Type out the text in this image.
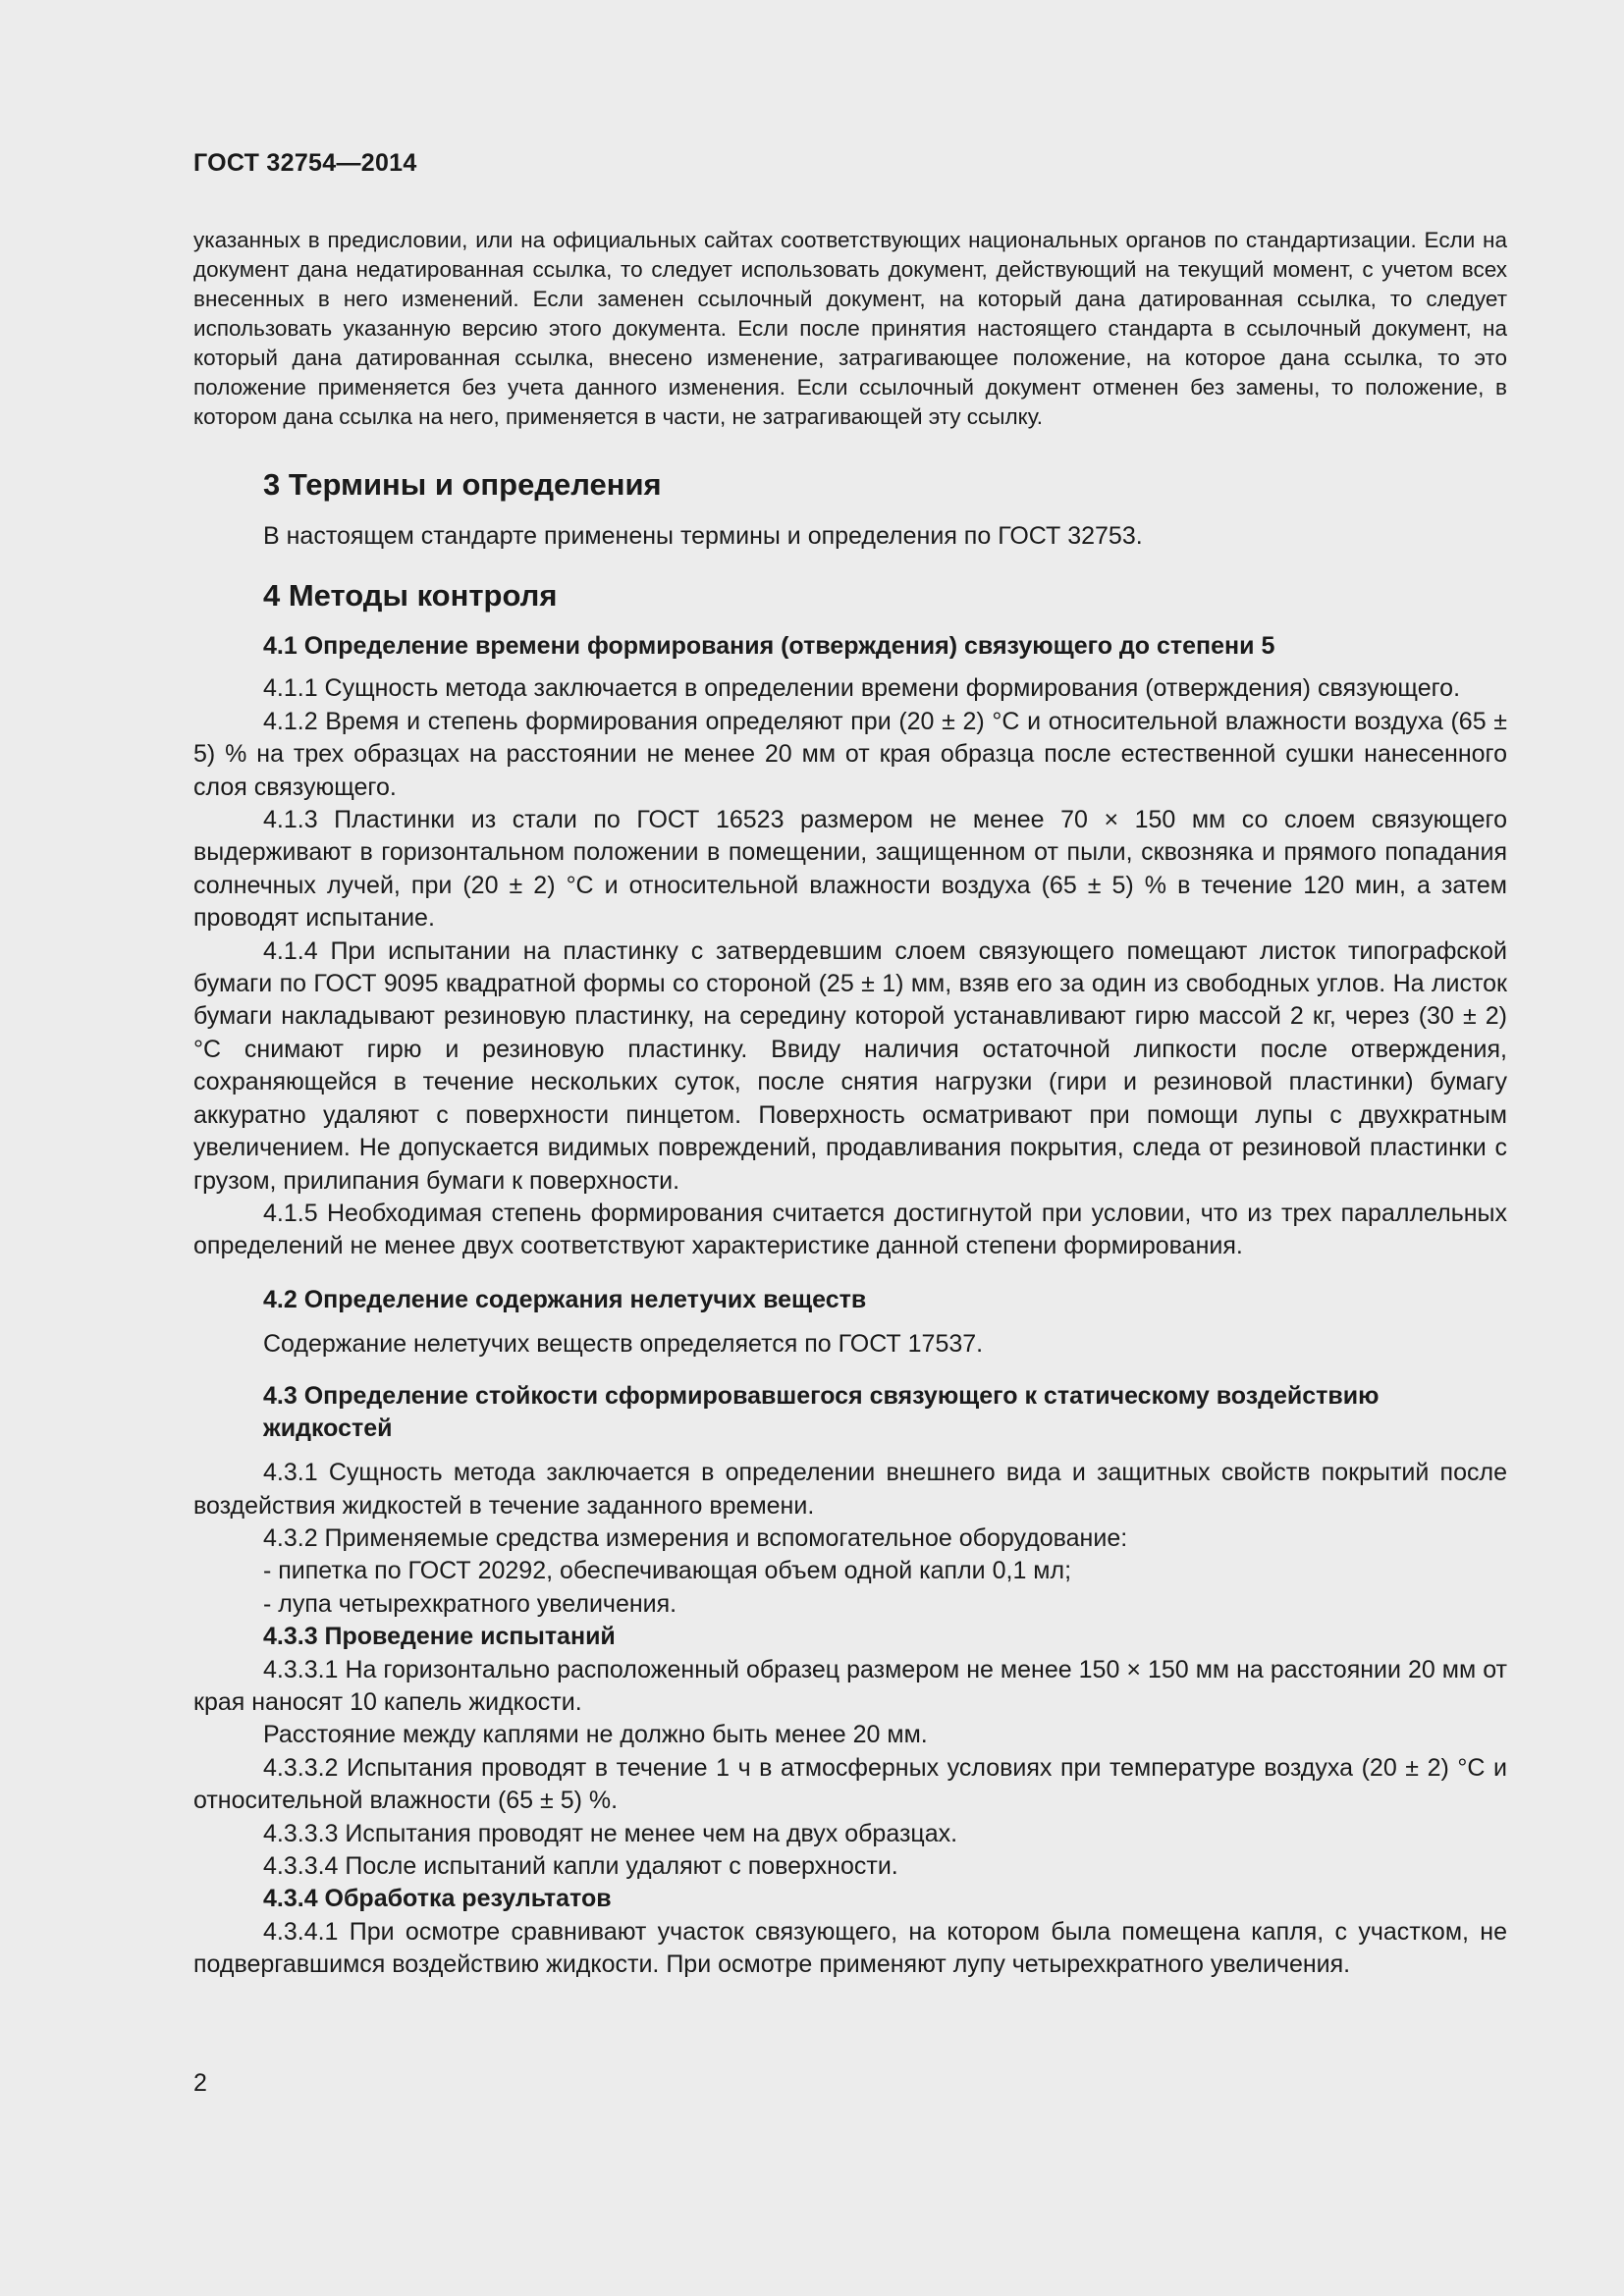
ГОСТ 32754—2014

указанных в предисловии, или на официальных сайтах соответствующих национальных органов по стандартизации. Если на документ дана недатированная ссылка, то следует использовать документ, действующий на текущий момент, с учетом всех внесенных в него изменений. Если заменен ссылочный документ, на который дана датированная ссылка, то следует использовать указанную версию этого документа. Если после принятия настоящего стандарта в ссылочный документ, на который дана датированная ссылка, внесено изменение, затрагивающее положение, на которое дана ссылка, то это положение применяется без учета данного изменения. Если ссылочный документ отменен без замены, то положение, в котором дана ссылка на него, применяется в части, не затрагивающей эту ссылку.

3 Термины и определения

В настоящем стандарте применены термины и определения по ГОСТ 32753.

4 Методы контроля
4.1 Определение времени формирования (отверждения) связующего до степени 5

4.1.1 Сущность метода заключается в определении времени формирования (отверждения) связующего.

4.1.2 Время и степень формирования определяют при (20 ± 2) °С и относительной влажности воздуха (65 ± 5) % на трех образцах на расстоянии не менее 20 мм от края образца после естественной сушки нанесенного слоя связующего.

4.1.3 Пластинки из стали по ГОСТ 16523 размером не менее 70 × 150 мм со слоем связующего выдерживают в горизонтальном положении в помещении, защищенном от пыли, сквозняка и прямого попадания солнечных лучей, при (20 ± 2) °С и относительной влажности воздуха (65 ± 5) % в течение 120 мин, а затем проводят испытание.

4.1.4 При испытании на пластинку с затвердевшим слоем связующего помещают листок типографской бумаги по ГОСТ 9095 квадратной формы со стороной (25 ± 1) мм, взяв его за один из свободных углов. На листок бумаги накладывают резиновую пластинку, на середину которой устанавливают гирю массой 2 кг, через (30 ± 2) °С снимают гирю и резиновую пластинку. Ввиду наличия остаточной липкости после отверждения, сохраняющейся в течение нескольких суток, после снятия нагрузки (гири и резиновой пластинки) бумагу аккуратно удаляют с поверхности пинцетом. Поверхность осматривают при помощи лупы с двухкратным увеличением. Не допускается видимых повреждений, продавливания покрытия, следа от резиновой пластинки с грузом, прилипания бумаги к поверхности.

4.1.5 Необходимая степень формирования считается достигнутой при условии, что из трех параллельных определений не менее двух соответствуют характеристике данной степени формирования.

4.2 Определение содержания нелетучих веществ

Содержание нелетучих веществ определяется по ГОСТ 17537.

4.3 Определение стойкости сформировавшегося связующего к статическому воздействию жидкостей

4.3.1 Сущность метода заключается в определении внешнего вида и защитных свойств покрытий после воздействия жидкостей в течение заданного времени.

4.3.2 Применяемые средства измерения и вспомогательное оборудование:

- пипетка по ГОСТ 20292, обеспечивающая объем одной капли 0,1 мл;

- лупа четырехкратного увеличения.

4.3.3 Проведение испытаний

4.3.3.1 На горизонтально расположенный образец размером не менее 150 × 150 мм на расстоянии 20 мм от края наносят 10 капель жидкости.

Расстояние между каплями не должно быть менее 20 мм.

4.3.3.2 Испытания проводят в течение 1 ч в атмосферных условиях при температуре воздуха (20 ± 2) °С и относительной влажности (65 ± 5) %.

4.3.3.3 Испытания проводят не менее чем на двух образцах.

4.3.3.4 После испытаний капли удаляют с поверхности.

4.3.4 Обработка результатов

4.3.4.1 При осмотре сравнивают участок связующего, на котором была помещена капля, с участком, не подвергавшимся воздействию жидкости. При осмотре применяют лупу четырехкратного увеличения.

2
